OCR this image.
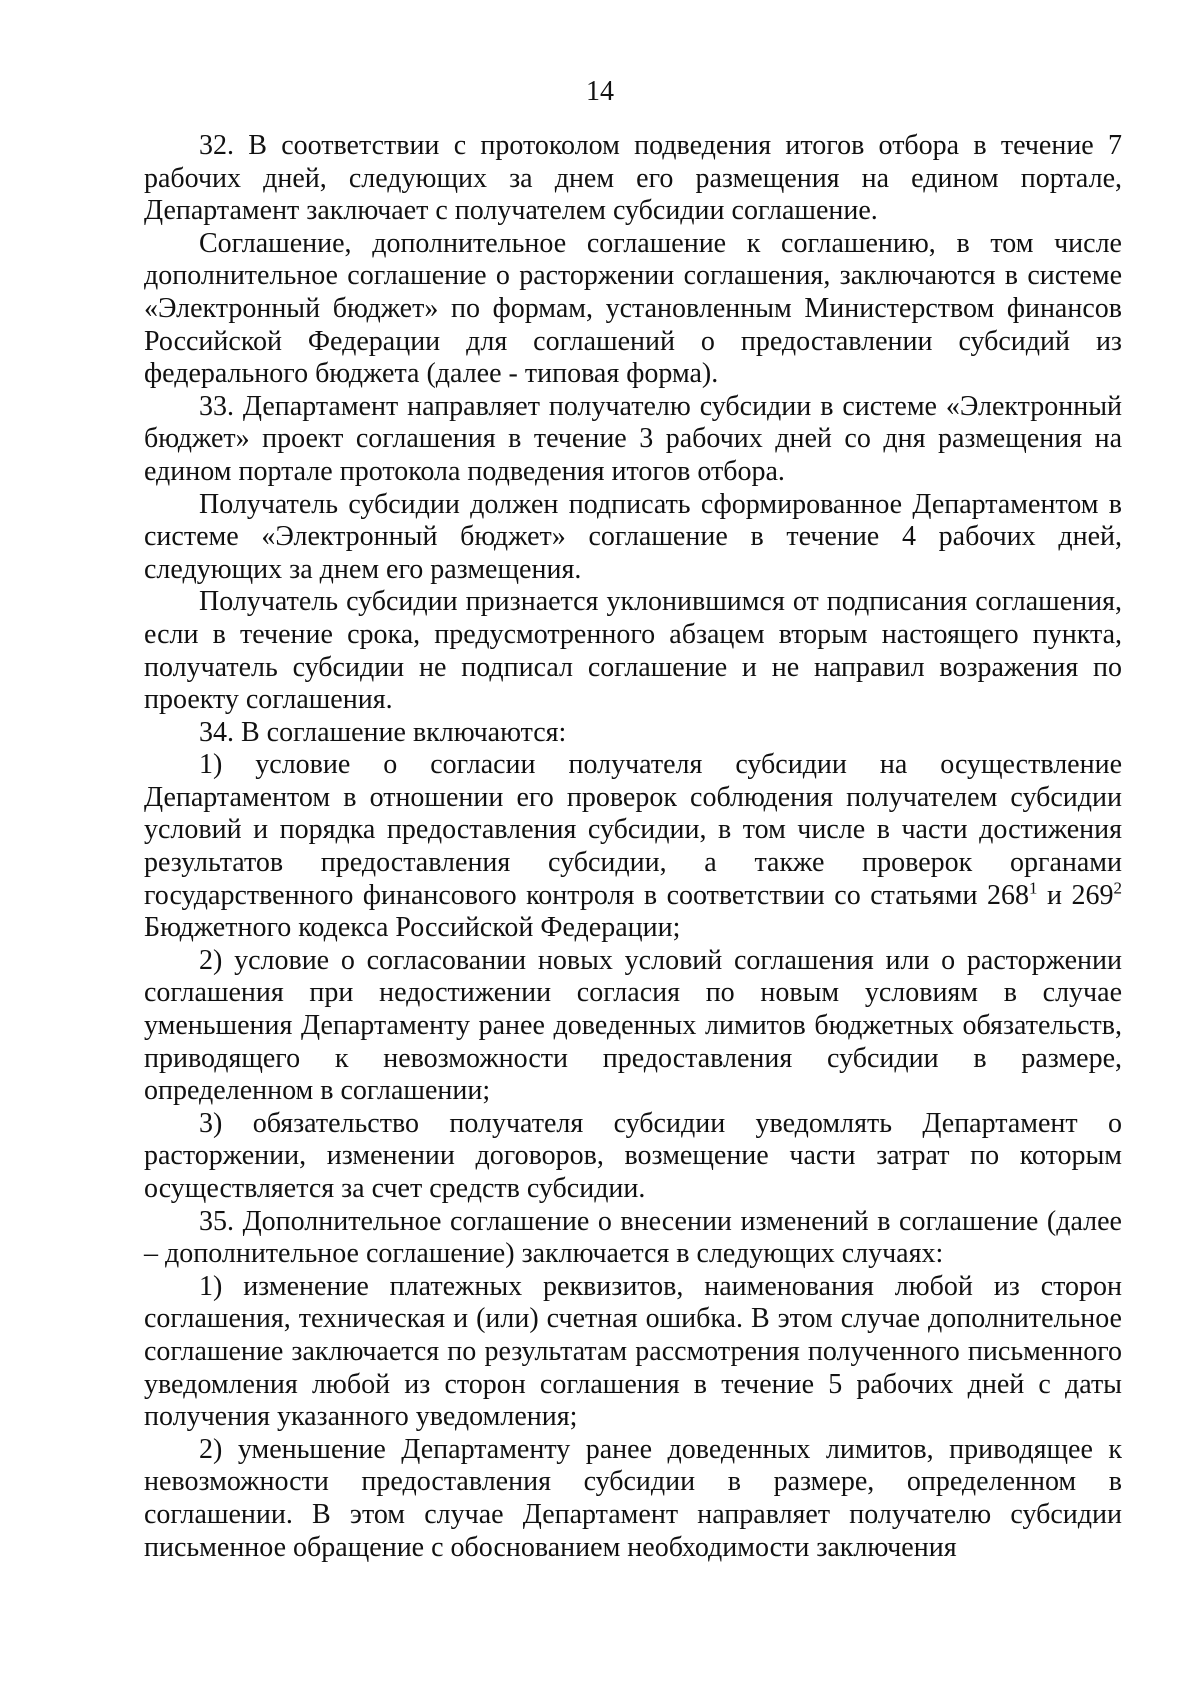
14

32. В соответствии с протоколом подведения итогов отбора в течение 7 рабочих дней, следующих за днем его размещения на едином портале, Департамент заключает с получателем субсидии соглашение.

Соглашение, дополнительное соглашение к соглашению, в том числе дополнительное соглашение о расторжении соглашения, заключаются в системе «Электронный бюджет» по формам, установленным Министерством финансов Российской Федерации для соглашений о предоставлении субсидий из федерального бюджета (далее - типовая форма).

33. Департамент направляет получателю субсидии в системе «Электронный бюджет» проект соглашения в течение 3 рабочих дней со дня размещения на едином портале протокола подведения итогов отбора.

Получатель субсидии должен подписать сформированное Департаментом в системе «Электронный бюджет» соглашение в течение 4 рабочих дней, следующих за днем его размещения.

Получатель субсидии признается уклонившимся от подписания соглашения, если в течение срока, предусмотренного абзацем вторым настоящего пункта, получатель субсидии не подписал соглашение и не направил возражения по проекту соглашения.

34. В соглашение включаются:

1) условие о согласии получателя субсидии на осуществление Департаментом в отношении его проверок соблюдения получателем субсидии условий и порядка предоставления субсидии, в том числе в части достижения результатов предоставления субсидии, а также проверок органами государственного финансового контроля в соответствии со статьями $268^1$ и $269^2$ Бюджетного кодекса Российской Федерации;

2) условие о согласовании новых условий соглашения или о расторжении соглашения при недостижении согласия по новым условиям в случае уменьшения Департаменту ранее доведенных лимитов бюджетных обязательств, приводящего к невозможности предоставления субсидии в размере, определенном в соглашении;

3) обязательство получателя субсидии уведомлять Департамент о расторжении, изменении договоров, возмещение части затрат по которым осуществляется за счет средств субсидии.

35. Дополнительное соглашение о внесении изменений в соглашение (далее – дополнительное соглашение) заключается в следующих случаях:

1) изменение платежных реквизитов, наименования любой из сторон соглашения, техническая и (или) счетная ошибка. В этом случае дополнительное соглашение заключается по результатам рассмотрения полученного письменного уведомления любой из сторон соглашения в течение 5 рабочих дней с даты получения указанного уведомления;

2) уменьшение Департаменту ранее доведенных лимитов, приводящее к невозможности предоставления субсидии в размере, определенном в соглашении. В этом случае Департамент направляет получателю субсидии письменное обращение с обоснованием необходимости заключения
